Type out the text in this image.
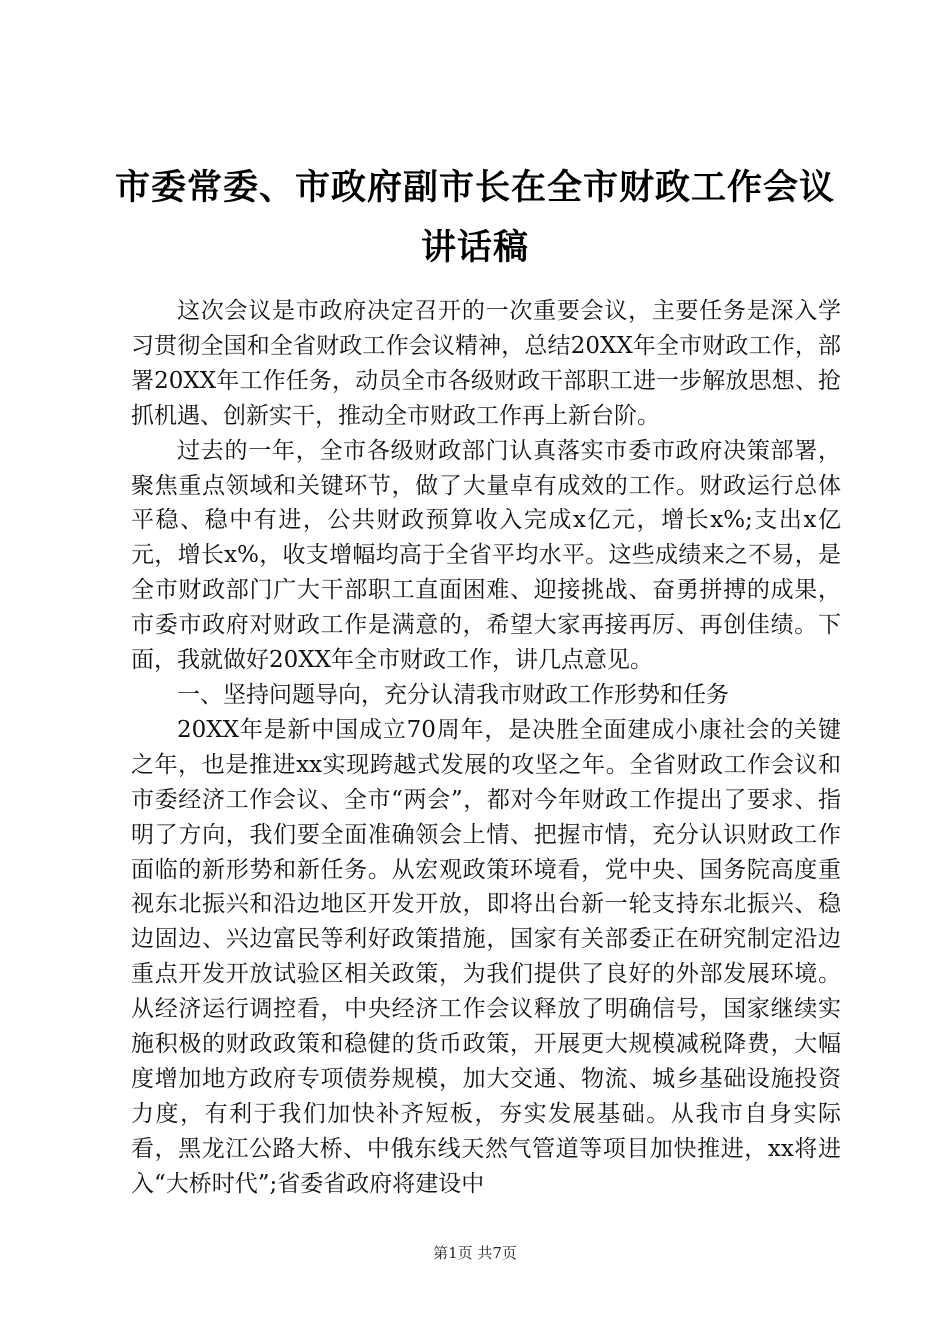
市委常委、市政府副市长在全市财政工作会议
讲话稿

这次会议是市政府决定召开的一次重要会议，主要任务是深入学习贯彻全国和全省财政工作会议精神，总结20XX年全市财政工作，部署20XX年工作任务，动员全市各级财政干部职工进一步解放思想、抢抓机遇、创新实干，推动全市财政工作再上新台阶。

过去的一年，全市各级财政部门认真落实市委市政府决策部署，聚焦重点领域和关键环节，做了大量卓有成效的工作。财政运行总体平稳、稳中有进，公共财政预算收入完成x亿元，增长x%;支出x亿元，增长x%，收支增幅均高于全省平均水平。这些成绩来之不易，是全市财政部门广大干部职工直面困难、迎接挑战、奋勇拼搏的成果，市委市政府对财政工作是满意的，希望大家再接再厉、再创佳绩。下面，我就做好20XX年全市财政工作，讲几点意见。

一、坚持问题导向，充分认清我市财政工作形势和任务

20XX年是新中国成立70周年，是决胜全面建成小康社会的关键之年，也是推进xx实现跨越式发展的攻坚之年。全省财政工作会议和市委经济工作会议、全市“两会”，都对今年财政工作提出了要求、指明了方向，我们要全面准确领会上情、把握市情，充分认识财政工作面临的新形势和新任务。从宏观政策环境看，党中央、国务院高度重视东北振兴和沿边地区开发开放，即将出台新一轮支持东北振兴、稳边固边、兴边富民等利好政策措施，国家有关部委正在研究制定沿边重点开发开放试验区相关政策，为我们提供了良好的外部发展环境。从经济运行调控看，中央经济工作会议释放了明确信号，国家继续实施积极的财政政策和稳健的货币政策，开展更大规模减税降费，大幅度增加地方政府专项债券规模，加大交通、物流、城乡基础设施投资力度，有利于我们加快补齐短板，夯实发展基础。从我市自身实际看，黑龙江公路大桥、中俄东线天然气管道等项目加快推进，xx将进入“大桥时代”;省委省政府将建设中

第1页 共7页
